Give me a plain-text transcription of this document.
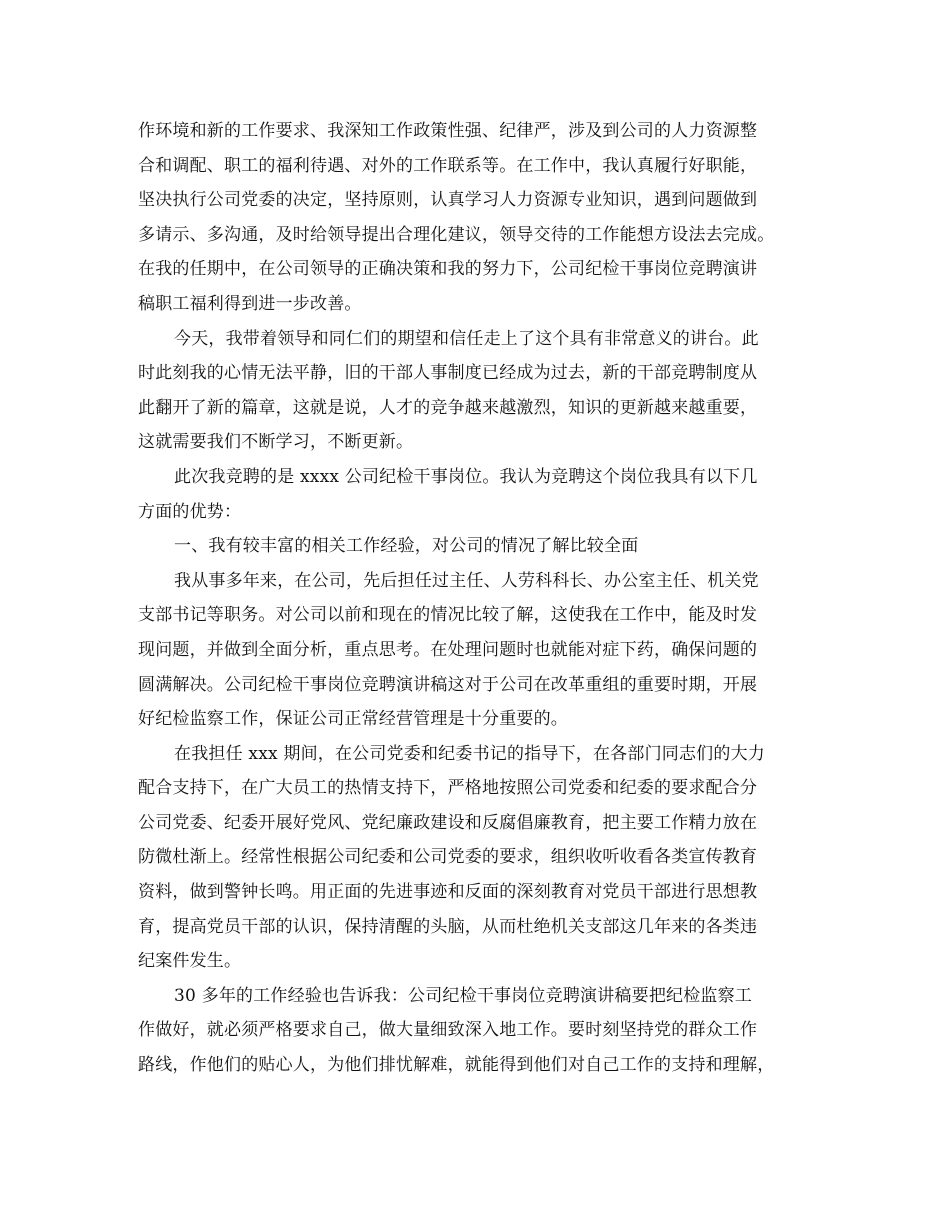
作环境和新的工作要求、我深知工作政策性强、纪律严，涉及到公司的人力资源整
合和调配、职工的福利待遇、对外的工作联系等。在工作中，我认真履行好职能，
坚决执行公司党委的决定，坚持原则，认真学习人力资源专业知识，遇到问题做到
多请示、多沟通，及时给领导提出合理化建议，领导交待的工作能想方设法去完成。
在我的任期中，在公司领导的正确决策和我的努力下，公司纪检干事岗位竞聘演讲
稿职工福利得到进一步改善。
今天，我带着领导和同仁们的期望和信任走上了这个具有非常意义的讲台。此
时此刻我的心情无法平静，旧的干部人事制度已经成为过去，新的干部竞聘制度从
此翻开了新的篇章，这就是说，人才的竞争越来越激烈，知识的更新越来越重要，
这就需要我们不断学习，不断更新。
此次我竞聘的是 xxxx 公司纪检干事岗位。我认为竞聘这个岗位我具有以下几
方面的优势：
一、我有较丰富的相关工作经验，对公司的情况了解比较全面
我从事多年来，在公司，先后担任过主任、人劳科科长、办公室主任、机关党
支部书记等职务。对公司以前和现在的情况比较了解，这使我在工作中，能及时发
现问题，并做到全面分析，重点思考。在处理问题时也就能对症下药，确保问题的
圆满解决。公司纪检干事岗位竞聘演讲稿这对于公司在改革重组的重要时期，开展
好纪检监察工作，保证公司正常经营管理是十分重要的。
在我担任 xxx 期间，在公司党委和纪委书记的指导下，在各部门同志们的大力
配合支持下，在广大员工的热情支持下，严格地按照公司党委和纪委的要求配合分
公司党委、纪委开展好党风、党纪廉政建设和反腐倡廉教育，把主要工作精力放在
防微杜渐上。经常性根据公司纪委和公司党委的要求，组织收听收看各类宣传教育
资料，做到警钟长鸣。用正面的先进事迹和反面的深刻教育对党员干部进行思想教
育，提高党员干部的认识，保持清醒的头脑，从而杜绝机关支部这几年来的各类违
纪案件发生。
30 多年的工作经验也告诉我：公司纪检干事岗位竞聘演讲稿要把纪检监察工
作做好，就必须严格要求自己，做大量细致深入地工作。要时刻坚持党的群众工作
路线，作他们的贴心人，为他们排忧解难，就能得到他们对自己工作的支持和理解，
